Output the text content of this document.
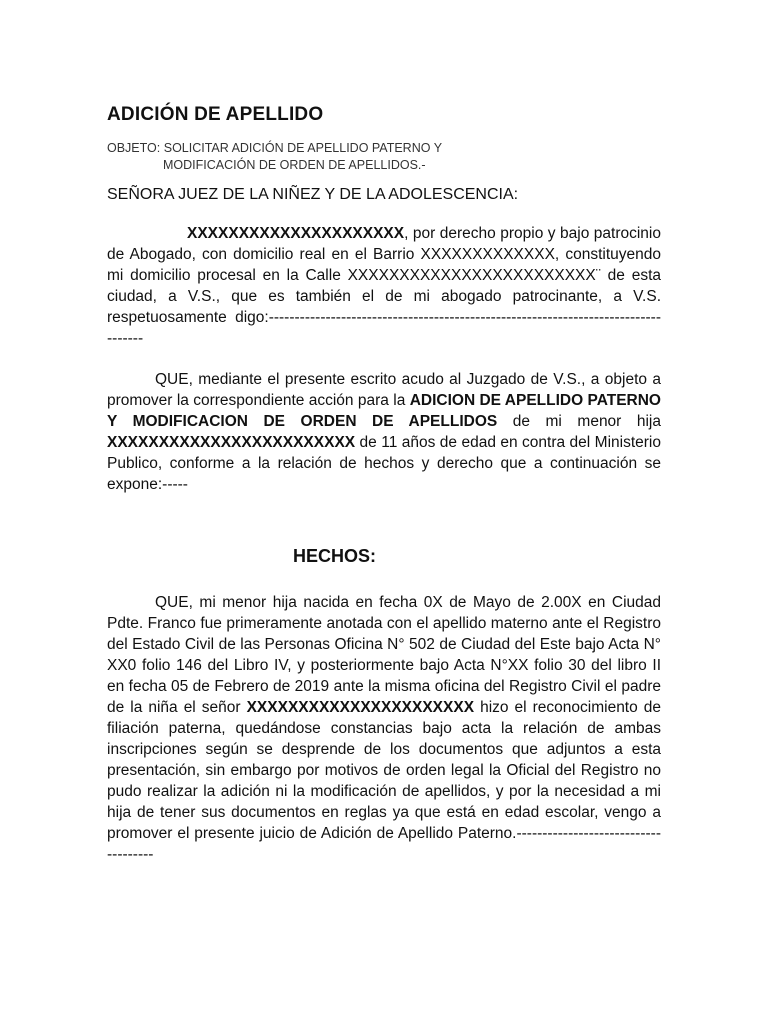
ADICIÓN DE APELLIDO

OBJETO: SOLICITAR ADICIÓN DE APELLIDO PATERNO Y
MODIFICACIÓN DE ORDEN DE APELLIDOS.-

SEÑORA JUEZ DE LA NIÑEZ Y DE LA ADOLESCENCIA:

XXXXXXXXXXXXXXXXXXXXX, por derecho propio y bajo patrocinio de Abogado, con domicilio real en el Barrio XXXXXXXXXXXXX, constituyendo mi domicilio procesal en la Calle XXXXXXXXXXXXXXXXXXXXXXXX¨ de esta ciudad, a V.S., que es también el de mi abogado patrocinante, a V.S. respetuosamente digo:-----------------------------------------------------------------------------------

QUE, mediante el presente escrito acudo al Juzgado de V.S., a objeto a promover la correspondiente acción para la ADICION DE APELLIDO PATERNO Y MODIFICACION DE ORDEN DE APELLIDOS de mi menor hija XXXXXXXXXXXXXXXXXXXXXXXX de 11 años de edad en contra del Ministerio Publico, conforme a la relación de hechos y derecho que a continuación se expone:-----

HECHOS:

QUE, mi menor hija nacida en fecha 0X de Mayo de 2.00X en Ciudad Pdte. Franco fue primeramente anotada con el apellido materno ante el Registro del Estado Civil de las Personas Oficina N° 502 de Ciudad del Este bajo Acta N° XX0 folio 146 del Libro IV, y posteriormente bajo Acta N°XX folio 30 del libro II en fecha 05 de Febrero de 2019 ante la misma oficina del Registro Civil el padre de la niña el señor XXXXXXXXXXXXXXXXXXXXXX hizo el reconocimiento de filiación paterna, quedándose constancias bajo acta la relación de ambas inscripciones según se desprende de los documentos que adjuntos a esta presentación, sin embargo por motivos de orden legal la Oficial del Registro no pudo realizar la adición ni la modificación de apellidos, y por la necesidad a mi hija de tener sus documentos en reglas ya que está en edad escolar, vengo a promover el presente juicio de Adición de Apellido Paterno.-------------------------------------
